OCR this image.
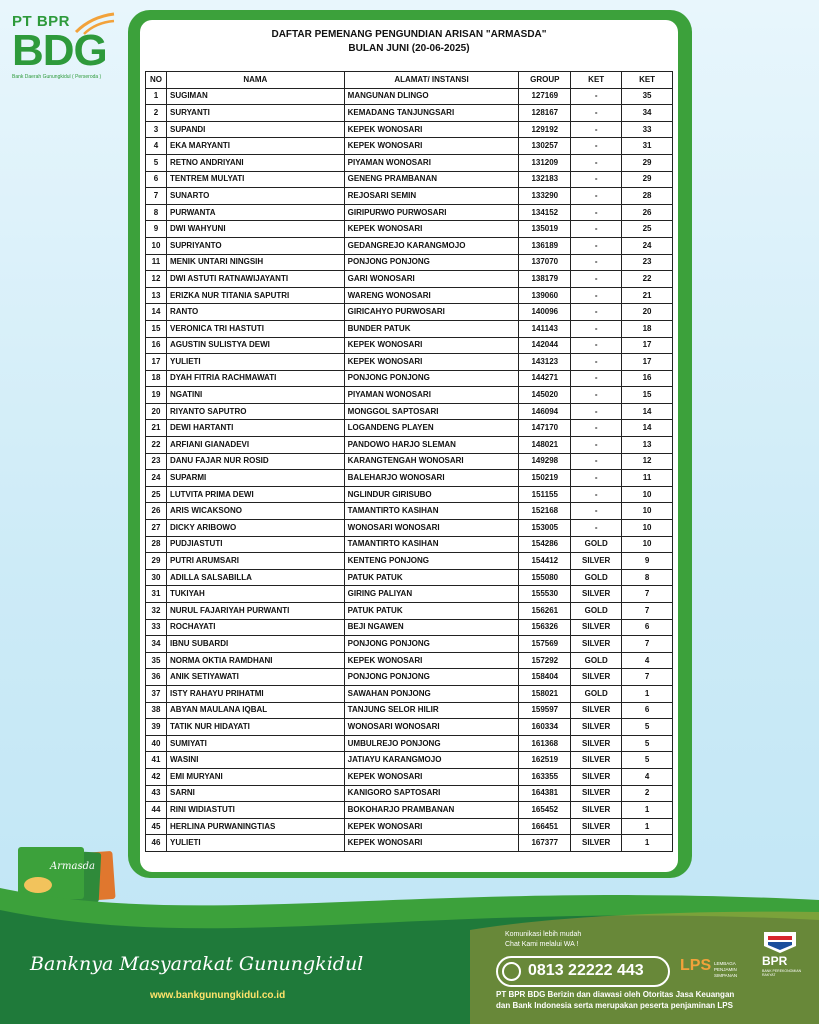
PT BPR
BDG
Bank Daerah Gunungkidul ( Perseroda )
DAFTAR PEMENANG PENGUNDIAN ARISAN "ARMASDA"
BULAN JUNI (20-06-2025)
NO	NAMA	ALAMAT/ INSTANSI	GROUP	KET	KET
1	SUGIMAN	MANGUNAN DLINGO	127169	-	35
2	SURYANTI	KEMADANG TANJUNGSARI	128167	-	34
3	SUPANDI	KEPEK WONOSARI	129192	-	33
4	EKA MARYANTI	KEPEK WONOSARI	130257	-	31
5	RETNO ANDRIYANI	PIYAMAN WONOSARI	131209	-	29
6	TENTREM MULYATI	GENENG PRAMBANAN	132183	-	29
7	SUNARTO	REJOSARI SEMIN	133290	-	28
8	PURWANTA	GIRIPURWO PURWOSARI	134152	-	26
9	DWI WAHYUNI	KEPEK WONOSARI	135019	-	25
10	SUPRIYANTO	GEDANGREJO KARANGMOJO	136189	-	24
11	MENIK UNTARI NINGSIH	PONJONG PONJONG	137070	-	23
12	DWI ASTUTI RATNAWIJAYANTI	GARI WONOSARI	138179	-	22
13	ERIZKA NUR TITANIA SAPUTRI	WARENG WONOSARI	139060	-	21
14	RANTO	GIRICAHYO PURWOSARI	140096	-	20
15	VERONICA TRI HASTUTI	BUNDER PATUK	141143	-	18
16	AGUSTIN SULISTYA DEWI	KEPEK WONOSARI	142044	-	17
17	YULIETI	KEPEK WONOSARI	143123	-	17
18	DYAH FITRIA RACHMAWATI	PONJONG PONJONG	144271	-	16
19	NGATINI	PIYAMAN WONOSARI	145020	-	15
20	RIYANTO SAPUTRO	MONGGOL SAPTOSARI	146094	-	14
21	DEWI HARTANTI	LOGANDENG PLAYEN	147170	-	14
22	ARFIANI GIANADEVI	PANDOWO HARJO SLEMAN	148021	-	13
23	DANU FAJAR NUR ROSID	KARANGTENGAH WONOSARI	149298	-	12
24	SUPARMI	BALEHARJO WONOSARI	150219	-	11
25	LUTVITA PRIMA DEWI	NGLINDUR GIRISUBO	151155	-	10
26	ARIS WICAKSONO	TAMANTIRTO KASIHAN	152168	-	10
27	DICKY ARIBOWO	WONOSARI WONOSARI	153005	-	10
28	PUDJIASTUTI	TAMANTIRTO KASIHAN	154286	GOLD	10
29	PUTRI ARUMSARI	KENTENG PONJONG	154412	SILVER	9
30	ADILLA SALSABILLA	PATUK PATUK	155080	GOLD	8
31	TUKIYAH	GIRING PALIYAN	155530	SILVER	7
32	NURUL FAJARIYAH PURWANTI	PATUK PATUK	156261	GOLD	7
33	ROCHAYATI	BEJI NGAWEN	156326	SILVER	6
34	IBNU SUBARDI	PONJONG PONJONG	157569	SILVER	7
35	NORMA OKTIA RAMDHANI	KEPEK WONOSARI	157292	GOLD	4
36	ANIK SETIYAWATI	PONJONG PONJONG	158404	SILVER	7
37	ISTY RAHAYU PRIHATMI	SAWAHAN PONJONG	158021	GOLD	1
38	ABYAN MAULANA IQBAL	TANJUNG SELOR HILIR	159597	SILVER	6
39	TATIK NUR HIDAYATI	WONOSARI WONOSARI	160334	SILVER	5
40	SUMIYATI	UMBULREJO PONJONG	161368	SILVER	5
41	WASINI	JATIAYU KARANGMOJO	162519	SILVER	5
42	EMI MURYANI	KEPEK WONOSARI	163355	SILVER	4
43	SARNI	KANIGORO SAPTOSARI	164381	SILVER	2
44	RINI WIDIASTUTI	BOKOHARJO PRAMBANAN	165452	SILVER	1
45	HERLINA PURWANINGTIAS	KEPEK WONOSARI	166451	SILVER	1
46	YULIETI	KEPEK WONOSARI	167377	SILVER	1
Armasda
Banknya Masyarakat Gunungkidul
www.bankgunungkidul.co.id
Komunikasi lebih mudah
Chat Kami melalui WA !
0813 22222 443 LPS LEMBAGA PENJAMIN SIMPANAN
BPR
BANK PEREKONOMIAN RAKYAT
PT BPR BDG Berizin dan diawasi oleh Otoritas Jasa Keuangan
dan Bank Indonesia serta merupakan peserta penjaminan LPS
